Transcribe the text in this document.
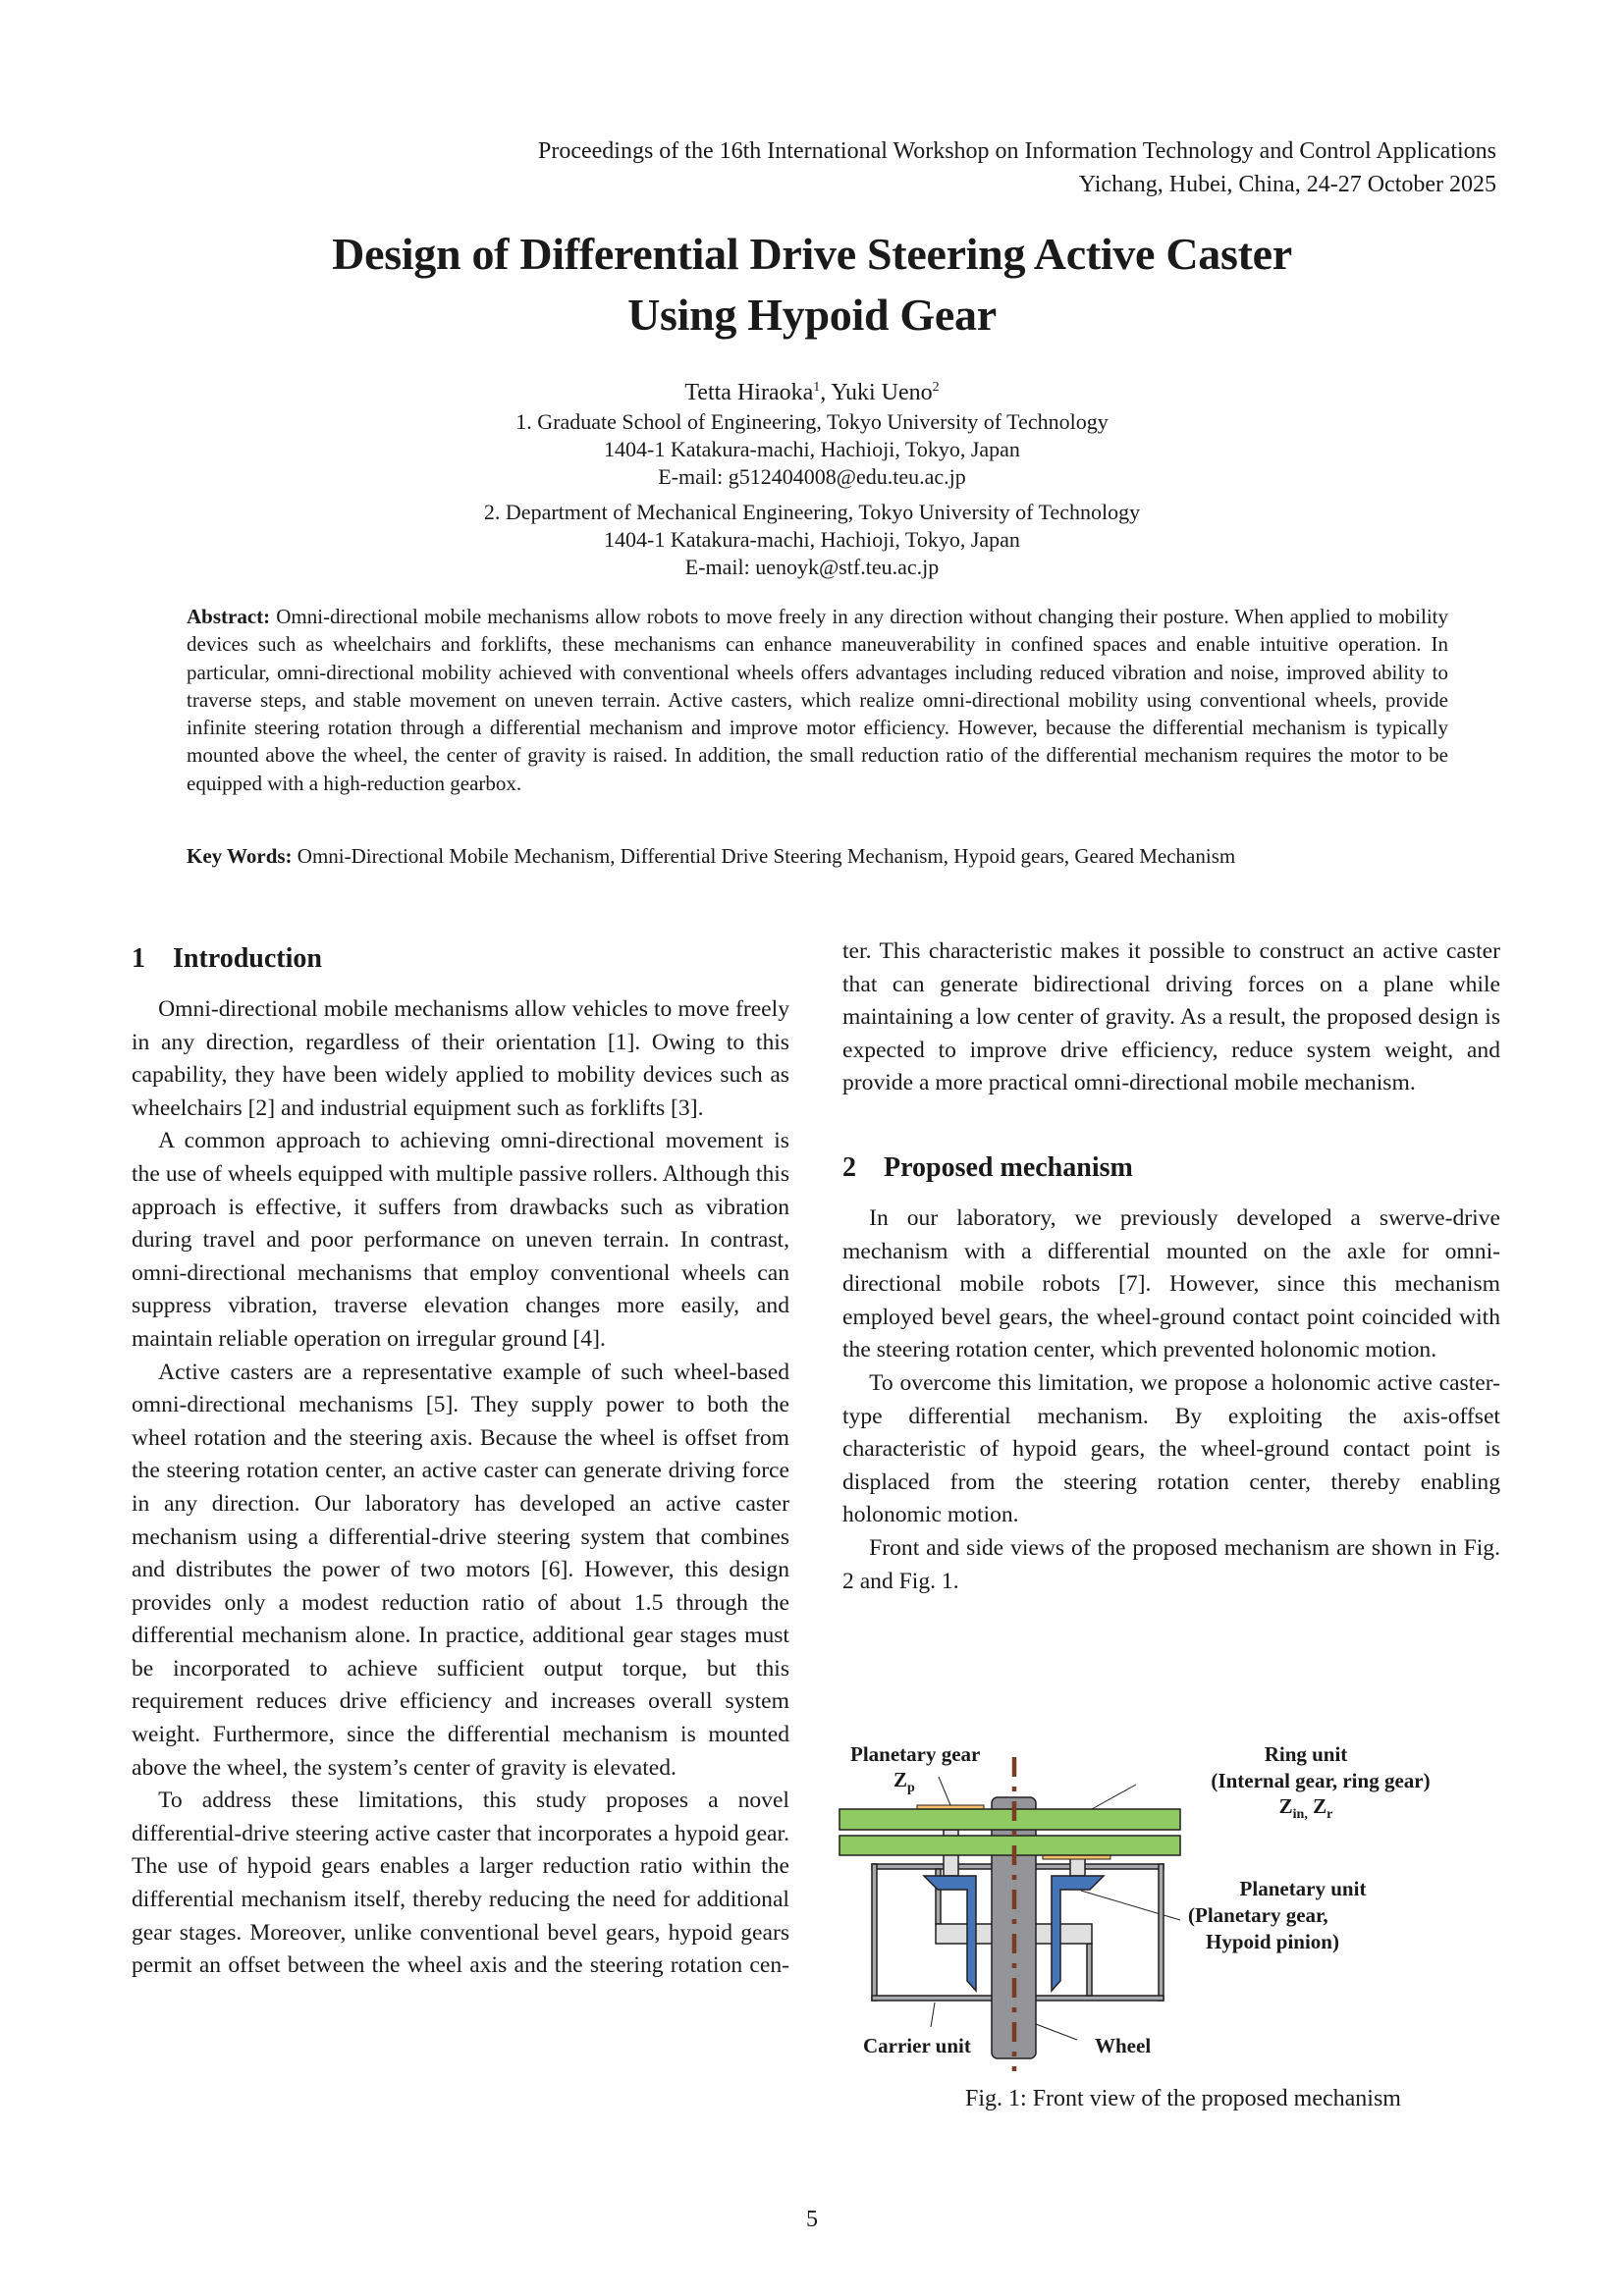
Proceedings of the 16th International Workshop on Information Technology and Control Applications
Yichang, Hubei, China, 24-27 October 2025
Design of Differential Drive Steering Active Caster
Using Hypoid Gear
Tetta Hiraoka$^1$, Yuki Ueno$^2$
1. Graduate School of Engineering, Tokyo University of Technology
1404-1 Katakura-machi, Hachioji, Tokyo, Japan
E-mail: g512404008@edu.teu.ac.jp
2. Department of Mechanical Engineering, Tokyo University of Technology
1404-1 Katakura-machi, Hachioji, Tokyo, Japan
E-mail: uenoyk@stf.teu.ac.jp
Abstract: Omni-directional mobile mechanisms allow robots to move freely in any direction without changing their posture. When applied to mobility devices such as wheelchairs and forklifts, these mechanisms can enhance maneuverability in confined spaces and enable intuitive operation. In particular, omni-directional mobility achieved with conventional wheels offers advantages including reduced vibration and noise, improved ability to traverse steps, and stable movement on uneven terrain. Active casters, which realize omni-directional mobility using conventional wheels, provide infinite steering rotation through a differential mechanism and improve motor efficiency. However, because the differential mechanism is typically mounted above the wheel, the center of gravity is raised. In addition, the small reduction ratio of the differential mechanism requires the motor to be equipped with a high-reduction gearbox.
Key Words: Omni-Directional Mobile Mechanism, Differential Drive Steering Mechanism, Hypoid gears, Geared Mechanism
1 Introduction

Omni-directional mobile mechanisms allow vehicles to move freely in any direction, regardless of their orientation [1]. Owing to this capability, they have been widely applied to mobility devices such as wheelchairs [2] and industrial equipment such as forklifts [3].

A common approach to achieving omni-directional movement is the use of wheels equipped with multiple passive rollers. Although this approach is effective, it suffers from drawbacks such as vibration during travel and poor performance on uneven terrain. In contrast, omni-directional mechanisms that employ conventional wheels can suppress vibration, traverse elevation changes more easily, and maintain reliable operation on irregular ground [4].

Active casters are a representative example of such wheel-based omni-directional mechanisms [5]. They supply power to both the wheel rotation and the steering axis. Because the wheel is offset from the steering rotation center, an active caster can generate driving force in any direction. Our laboratory has developed an active caster mechanism using a differential-drive steering system that combines and distributes the power of two motors [6]. However, this design provides only a modest reduction ratio of about 1.5 through the differential mechanism alone. In practice, additional gear stages must be incorporated to achieve sufficient output torque, but this requirement reduces drive efficiency and increases overall system weight. Furthermore, since the differential mechanism is mounted above the wheel, the system’s center of gravity is elevated.

To address these limitations, this study proposes a novel differential-drive steering active caster that incorporates a hypoid gear. The use of hypoid gears enables a larger reduction ratio within the differential mechanism itself, thereby reducing the need for additional gear stages. Moreover, unlike conventional bevel gears, hypoid gears permit an offset between the wheel axis and the steering rotation cen-

ter. This characteristic makes it possible to construct an active caster that can generate bidirectional driving forces on a plane while maintaining a low center of gravity. As a result, the proposed design is expected to improve drive efficiency, reduce system weight, and provide a more practical omni-directional mobile mechanism.

2 Proposed mechanism

In our laboratory, we previously developed a swerve-drive mechanism with a differential mounted on the axle for omni-directional mobile robots [7]. However, since this mechanism employed bevel gears, the wheel-ground contact point coincided with the steering rotation center, which prevented holonomic motion.

To overcome this limitation, we propose a holonomic active caster-type differential mechanism. By exploiting the axis-offset characteristic of hypoid gears, the wheel-ground contact point is displaced from the steering rotation center, thereby enabling holonomic motion.

Front and side views of the proposed mechanism are shown in Fig. 2 and Fig. 1.

Planetary gear
$Z_p$
Ring unit
(Internal gear, ring gear)
$Z_{in,}$ $Z_r$
Planetary unit
(Planetary gear,
Hypoid pinion)
Carrier unit	Wheel
Fig. 1: Front view of the proposed mechanism
5
